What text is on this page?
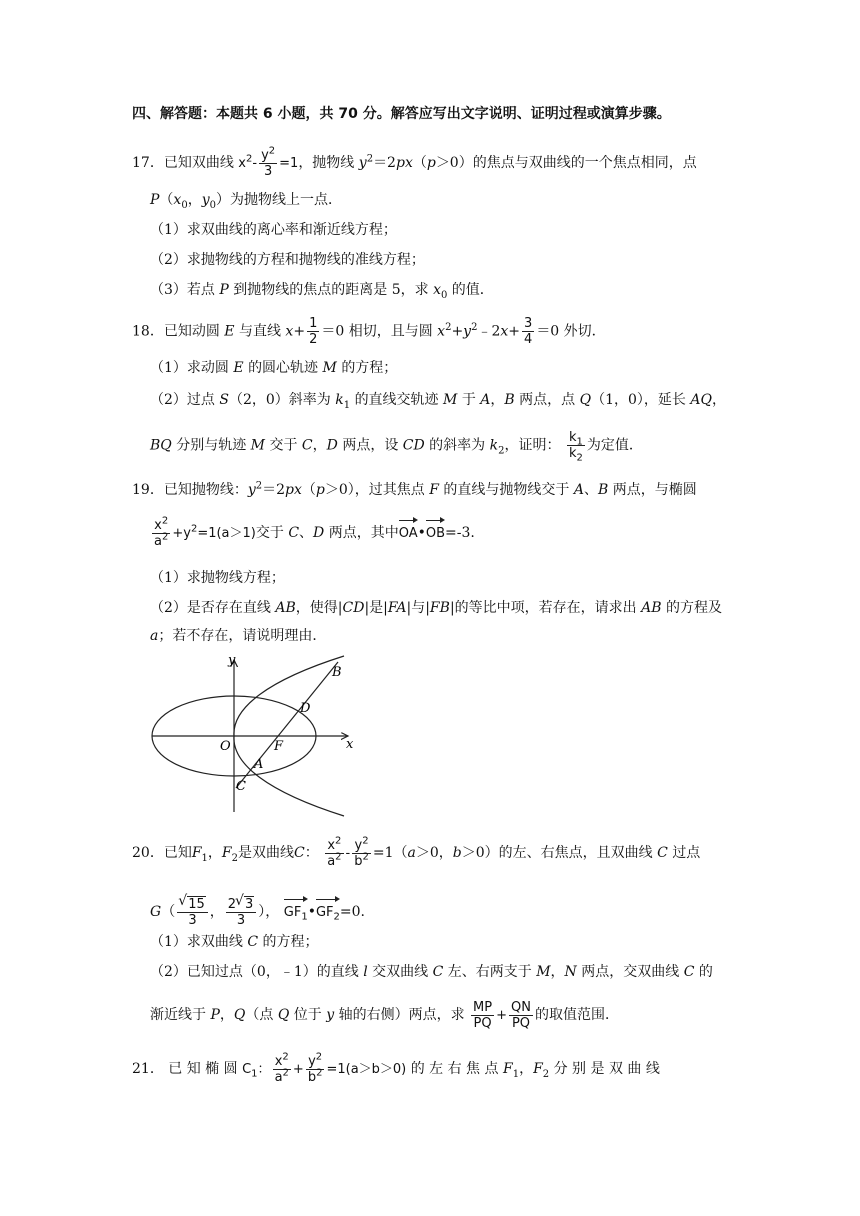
四、解答题：本题共 6 小题，共 70 分。解答应写出文字说明、证明过程或演算步骤。
17．已知双曲线 $x^2- \frac{y^2}{3} =1$，抛物线 $y^2=2px(p>0)$的焦点与双曲线的一个焦点相同，点
$P(x_0$，$y_0$）为抛物线上一点．
（1）求双曲线的离心率和渐近线方程；
（2）求抛物线的方程和抛物线的准线方程；
（3）若点 P 到抛物线的焦点的距离是 5，求 $x_0$ 的值．
18．已知动圆 E 与直线 $x+ \frac{1}{2} =0$ 相切，且与圆 $x^2+y^2﹣2x+ \frac{3}{4} =0$ 外切．
（1）求动圆 E 的圆心轨迹 M 的方程；
（2）过点 S（2，0）斜率为 $k_1$ 的直线交轨迹 M 于 A，B 两点，点 Q（1，0），延长 AQ，
BQ 分别与轨迹 M 交于 C，D 两点，设 CD 的斜率为 $k_2$，证明： $\frac{k_1}{k_2}$ 为定值．
19．已知抛物线：$y^2=2px(p>0)$，过其焦点 F 的直线与抛物线交于 A、B 两点，与椭圆
$\frac{x^2}{a^2} +y^2=1(a>1)$交于 C、D 两点，其中OA•OB=-3.
（1）求抛物线方程；
（2）是否存在直线 AB，使得|CD|是|FA|与|FB|的等比中项，若存在，请求出 AB 的方程及
a；若不存在，请说明理由．
y
x
O	F
A
B
C
D
20．已知$F_1$，$F_2$是双曲线C： $\frac{x^2}{a^2} - \frac{y^2}{b^2} =1(a>0$，b＞0）的左、右焦点，且双曲线 C 过点
G（ √ $\frac{15}{3}$ ， $\frac{2 √ 3}{3}$ ）， $GF_1•GF_2=0$.
（1）求双曲线 C 的方程；
（2）已知过点（0，﹣1）的直线 l 交双曲线 C 左、右两支于 M，N 两点，交双曲线 C 的
渐近线于 P，Q（点 Q 位于 y 轴的右侧）两点，求 $\frac{MP}{PQ} + \frac{QN}{PQ}$ 的取值范围．
21． 已 知 椭 圆 $C_1$： $\frac{x^2}{a^2} + \frac{y^2}{b^2} =1(a>b>0)$ 的 左 右 焦 点 $F_1$，$F_2$ 分 别 是 双 曲 线
